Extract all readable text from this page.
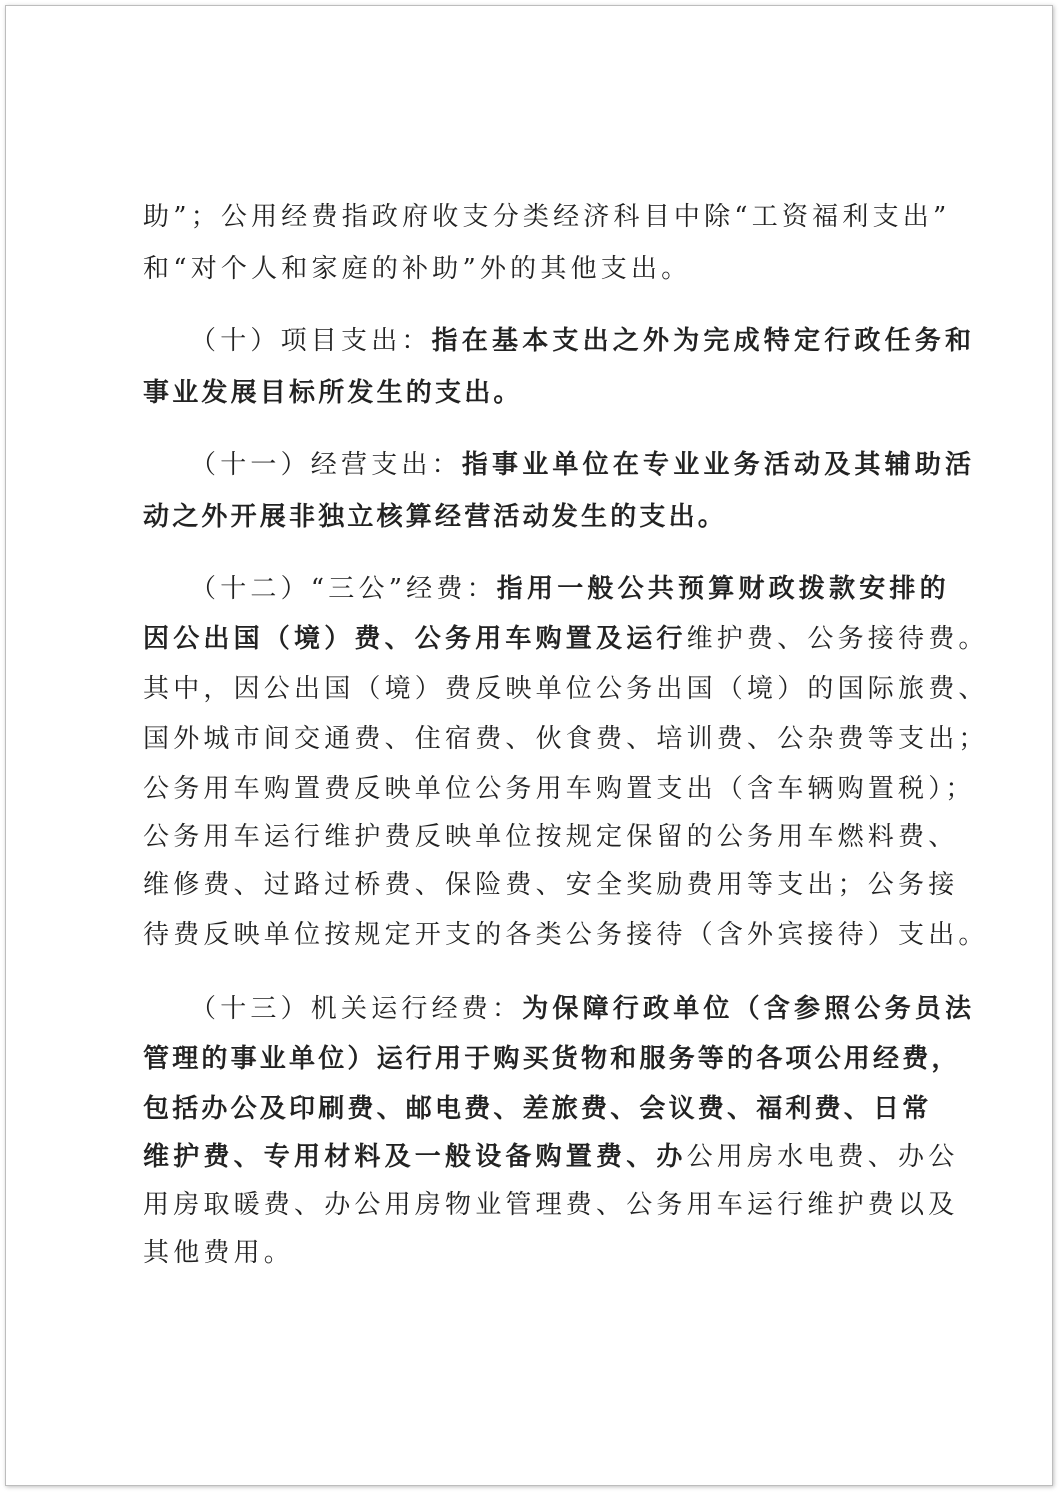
助”；公用经费指政府收支分类经济科目中除“工资福利支出”
和“对个人和家庭的补助”外的其他支出。
（十）项目支出：指在基本支出之外为完成特定行政任务和
事业发展目标所发生的支出。
（十一）经营支出：指事业单位在专业业务活动及其辅助活
动之外开展非独立核算经营活动发生的支出。
（十二）“三公”经费：指用一般公共预算财政拨款安排的
因公出国（境）费、公务用车购置及运行维护费、公务接待费。
其中，因公出国（境）费反映单位公务出国（境）的国际旅费、
国外城市间交通费、住宿费、伙食费、培训费、公杂费等支出；
公务用车购置费反映单位公务用车购置支出（含车辆购置税）；
公务用车运行维护费反映单位按规定保留的公务用车燃料费、
维修费、过路过桥费、保险费、安全奖励费用等支出；公务接
待费反映单位按规定开支的各类公务接待（含外宾接待）支出。
（十三）机关运行经费：为保障行政单位（含参照公务员法
管理的事业单位）运行用于购买货物和服务等的各项公用经费，
包括办公及印刷费、邮电费、差旅费、会议费、福利费、日常
维护费、专用材料及一般设备购置费、办公用房水电费、办公
用房取暖费、办公用房物业管理费、公务用车运行维护费以及
其他费用。
